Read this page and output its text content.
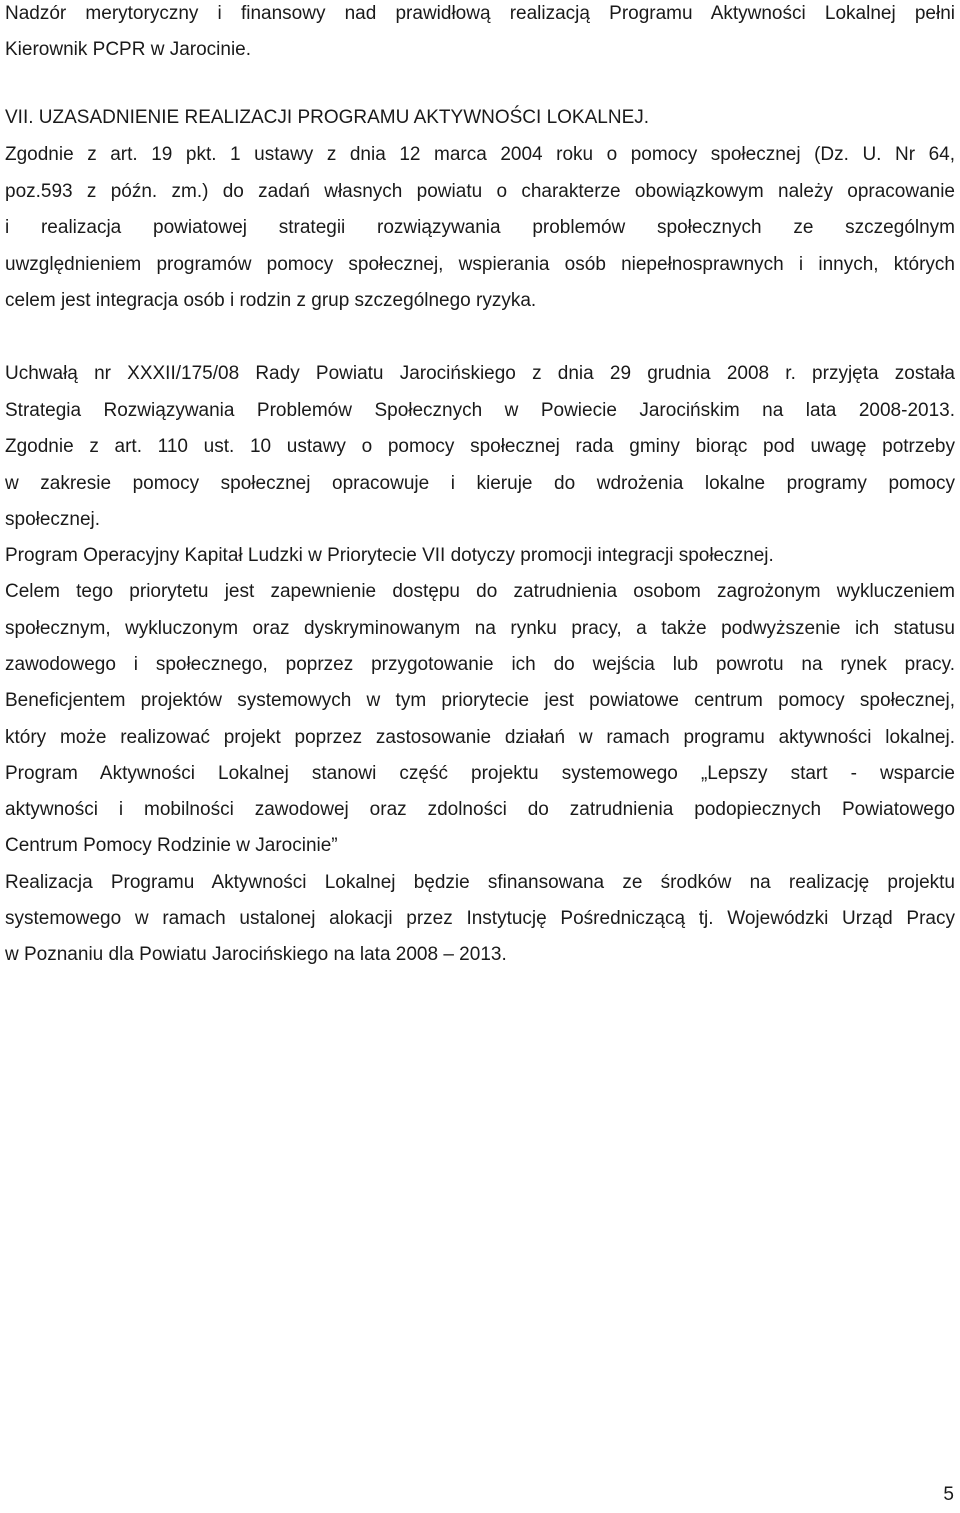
Nadzór merytoryczny i finansowy nad prawidłową realizacją Programu Aktywności Lokalnej pełni
Kierownik PCPR w Jarocinie.
VII. UZASADNIENIE REALIZACJI PROGRAMU AKTYWNOŚCI LOKALNEJ.
Zgodnie z art. 19 pkt. 1 ustawy z dnia 12 marca 2004 roku o pomocy społecznej (Dz. U. Nr 64,
poz.593 z późn. zm.) do zadań własnych powiatu o charakterze obowiązkowym należy opracowanie
i realizacja powiatowej strategii rozwiązywania problemów społecznych ze szczególnym
uwzględnieniem programów pomocy społecznej, wspierania osób niepełnosprawnych i innych, których
celem jest integracja osób i rodzin z grup szczególnego ryzyka.
Uchwałą nr XXXII/175/08 Rady Powiatu Jarocińskiego z dnia 29 grudnia 2008 r. przyjęta została
Strategia Rozwiązywania Problemów Społecznych w Powiecie Jarocińskim na lata 2008-2013.
Zgodnie z art. 110 ust. 10 ustawy o pomocy społecznej rada gminy biorąc pod uwagę potrzeby
w zakresie pomocy społecznej opracowuje i kieruje do wdrożenia lokalne programy pomocy
społecznej.
Program Operacyjny Kapitał Ludzki w Priorytecie VII dotyczy promocji integracji społecznej.
Celem tego priorytetu jest zapewnienie dostępu do zatrudnienia osobom zagrożonym wykluczeniem
społecznym, wykluczonym oraz dyskryminowanym na rynku pracy, a także podwyższenie ich statusu
zawodowego i społecznego, poprzez przygotowanie ich do wejścia lub powrotu na rynek pracy.
Beneficjentem projektów systemowych w tym priorytecie jest powiatowe centrum pomocy społecznej,
który może realizować projekt poprzez zastosowanie działań w ramach programu aktywności lokalnej.
Program Aktywności Lokalnej stanowi część projektu systemowego „Lepszy start - wsparcie
aktywności i mobilności zawodowej oraz zdolności do zatrudnienia podopiecznych Powiatowego
Centrum Pomocy Rodzinie w Jarocinie”
Realizacja Programu Aktywności Lokalnej będzie sfinansowana ze środków na realizację projektu
systemowego w ramach ustalonej alokacji przez Instytucję Pośredniczącą tj. Wojewódzki Urząd Pracy
w Poznaniu dla Powiatu Jarocińskiego na lata 2008 – 2013.
5
